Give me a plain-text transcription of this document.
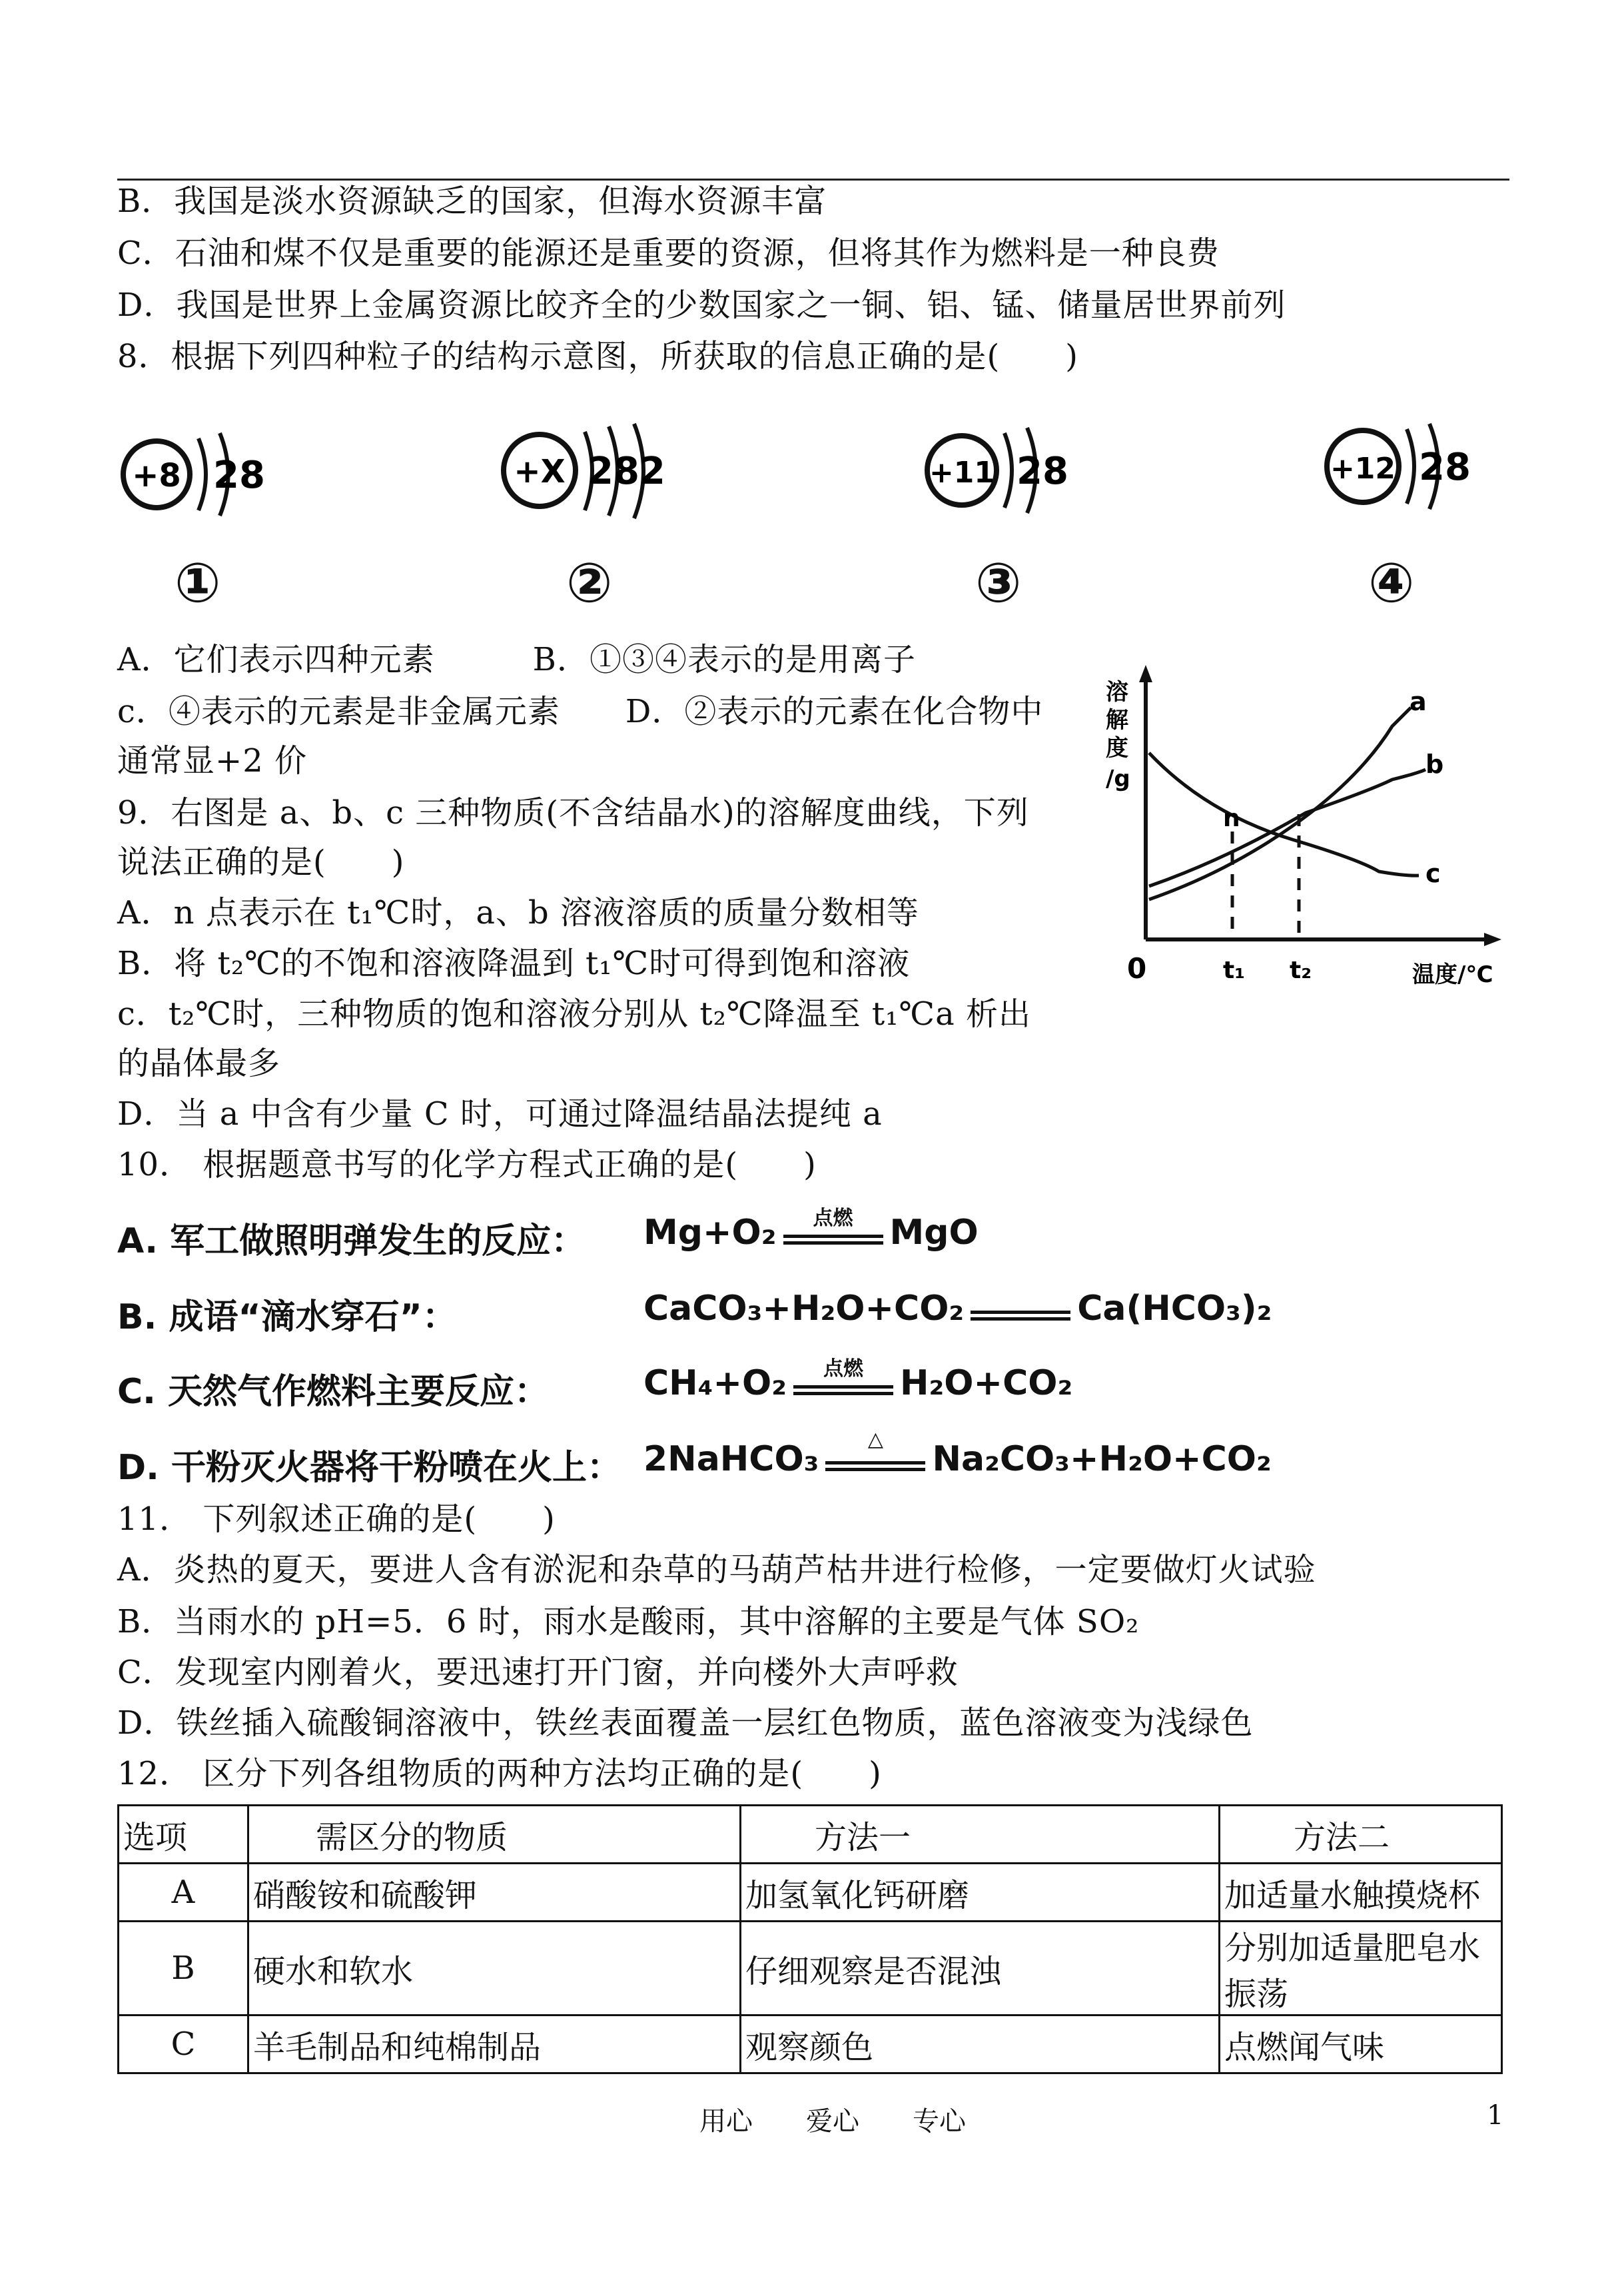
B．我国是淡水资源缺乏的国家，但海水资源丰富
C．石油和煤不仅是重要的能源还是重要的资源，但将其作为燃料是一种良费
D．我国是世界上金属资源比皎齐全的少数国家之一铜、铝、锰、储量居世界前列
8．根据下列四种粒子的结构示意图，所获取的信息正确的是(　　)
+8 28
①
+X 282
②
+11 28
③
+12 28
④
A．它们表示四种元素　　　B．①③④表示的是用离子
c．④表示的元素是非金属元素　　D．②表示的元素在化合物中
通常显+2 价
9．右图是 a、b、c 三种物质(不含结晶水)的溶解度曲线，下列
说法正确的是(　　)
A．n 点表示在 t₁℃时，a、b 溶液溶质的质量分数相等
B．将 t₂℃的不饱和溶液降温到 t₁℃时可得到饱和溶液
c．t₂℃时，三种物质的饱和溶液分别从 t₂℃降温至 t₁℃a 析出
的晶体最多
D．当 a 中含有少量 C 时，可通过降温结晶法提纯 a
10． 根据题意书写的化学方程式正确的是(　　)
溶
解
度
/g
n
a
b
c
0	t₁ t₂	温度/℃
A. 军工做照明弹发生的反应： Mg+O₂	点燃	MgO
B. 成语“滴水穿石”：	CaCO₃+H₂O+CO₂	Ca(HCO₃)₂
C. 天然气作燃料主要反应：	CH₄+O₂	点燃	H₂O+CO₂
D. 干粉灭火器将干粉喷在火上： 2NaHCO₃	△	Na₂CO₃+H₂O+CO₂
11． 下列叙述正确的是(　　)
A．炎热的夏天，要进人含有淤泥和杂草的马葫芦枯井进行检修，一定要做灯火试验
B．当雨水的 pH=5．6 时，雨水是酸雨，其中溶解的主要是气体 SO₂
C．发现室内刚着火，要迅速打开门窗，并向楼外大声呼救
D．铁丝插入硫酸铜溶液中，铁丝表面覆盖一层红色物质，蓝色溶液变为浅绿色
12． 区分下列各组物质的两种方法均正确的是(　　)
选项	需区分的物质	方法一	方法二
A	硝酸铵和硫酸钾	加氢氧化钙研磨	加适量水触摸烧杯
B	硬水和软水	仔细观察是否混浊	分别加适量肥皂水振荡
C	羊毛制品和纯棉制品	观察颜色	点燃闻气味
用心　　爱心　　专心	1
